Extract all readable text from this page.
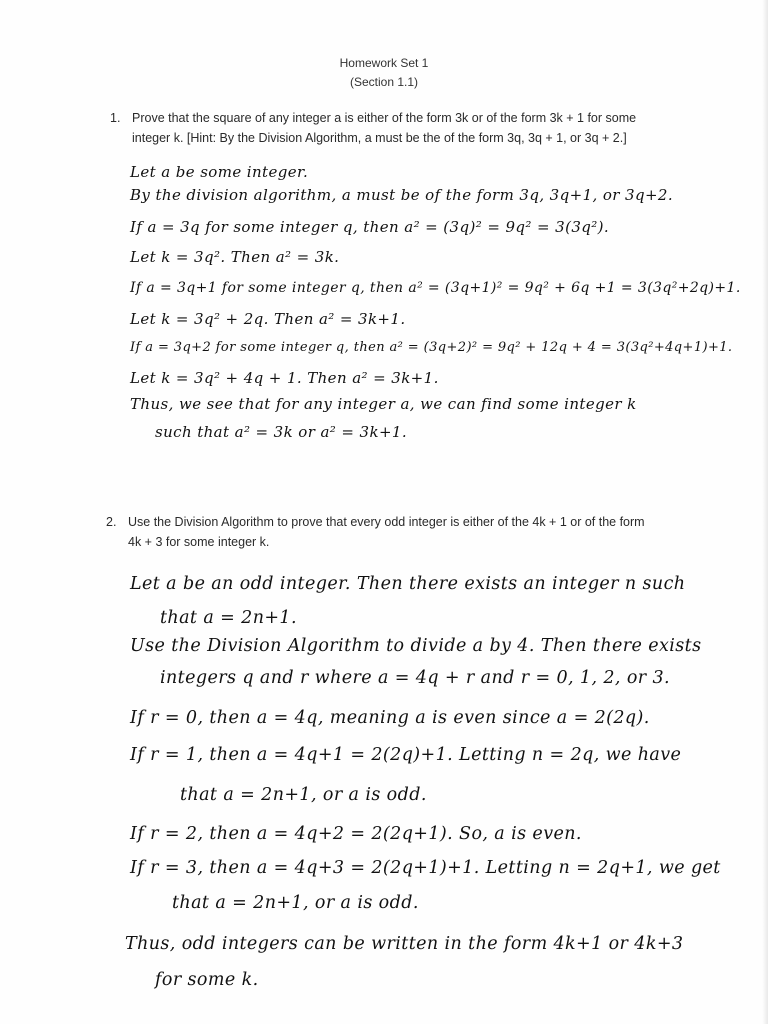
Homework Set 1
(Section 1.1)
1. Prove that the square of any integer a is either of the form 3k or of the form 3k + 1 for some
integer k. [Hint: By the Division Algorithm, a must be the of the form 3q, 3q + 1, or 3q + 2.]
Let a be some integer.
By the division algorithm, a must be of the form 3q, 3q+1, or 3q+2.
If a = 3q for some integer q, then a² = (3q)² = 9q² = 3(3q²).
Let k = 3q². Then a² = 3k.
If a = 3q+1 for some integer q, then a² = (3q+1)² = 9q² + 6q +1 = 3(3q²+2q)+1.
Let k = 3q² + 2q. Then a² = 3k+1.
If a = 3q+2 for some integer q, then a² = (3q+2)² = 9q² + 12q + 4 = 3(3q²+4q+1)+1.
Let k = 3q² + 4q + 1. Then a² = 3k+1.
Thus, we see that for any integer a, we can find some integer k
such that a² = 3k or a² = 3k+1.
2. Use the Division Algorithm to prove that every odd integer is either of the 4k + 1 or of the form
4k + 3 for some integer k.
Let a be an odd integer. Then there exists an integer n such
that a = 2n+1.
Use the Division Algorithm to divide a by 4. Then there exists
integers q and r where a = 4q + r and r = 0, 1, 2, or 3.
If r = 0, then a = 4q, meaning a is even since a = 2(2q).
If r = 1, then a = 4q+1 = 2(2q)+1. Letting n = 2q, we have
that a = 2n+1, or a is odd.
If r = 2, then a = 4q+2 = 2(2q+1). So, a is even.
If r = 3, then a = 4q+3 = 2(2q+1)+1. Letting n = 2q+1, we get
that a = 2n+1, or a is odd.
Thus, odd integers can be written in the form 4k+1 or 4k+3
for some k.
